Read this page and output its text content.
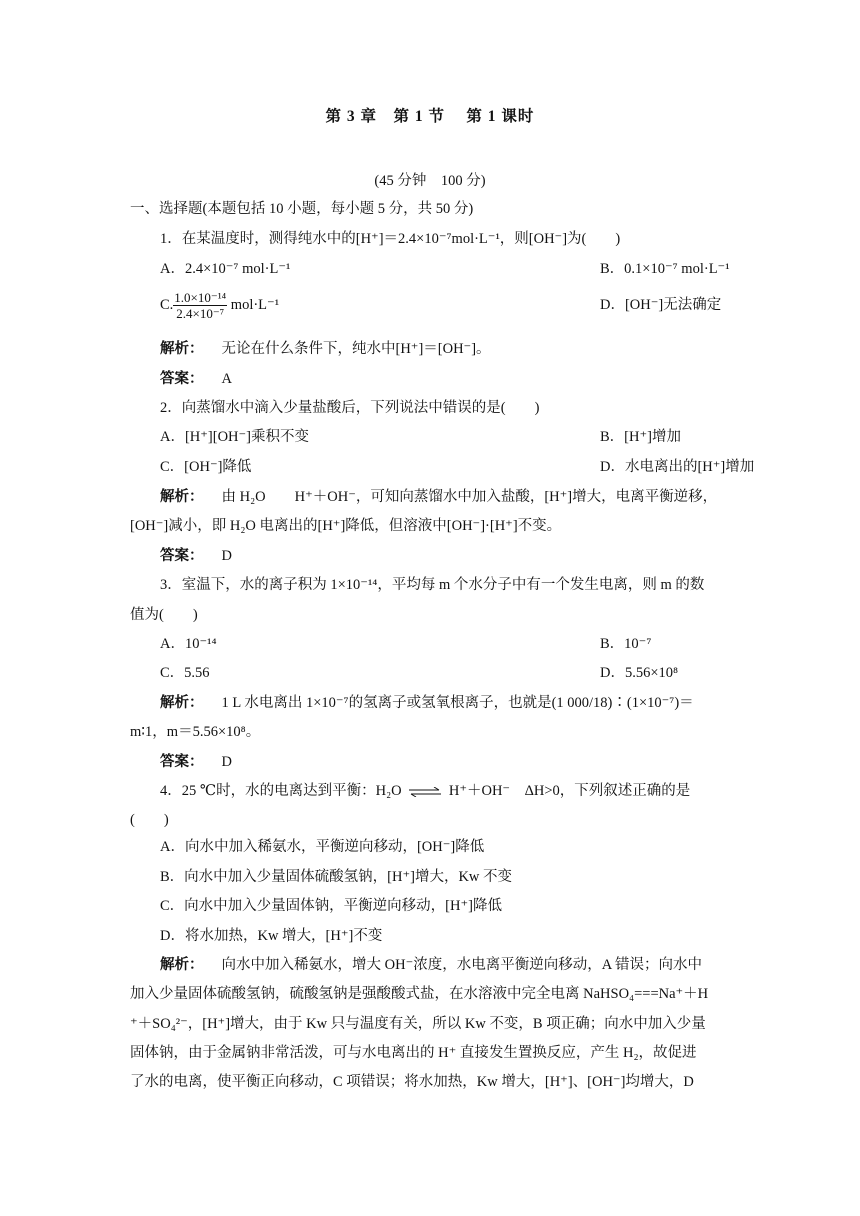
第 3 章　第 1 节　 第 1 课时
(45 分钟　100 分)
一、选择题(本题包括 10 小题，每小题 5 分，共 50 分)
1．在某温度时，测得纯水中的[H⁺]＝2.4×10⁻⁷mol·L⁻¹，则[OH⁻]为(　　)
A．2.4×10⁻⁷ mol·L⁻¹	B．0.1×10⁻⁷ mol·L⁻¹
C. $\frac{\text{1.0×10⁻¹⁴}}{\text{2.4×10⁻⁷}} mol\cdot L^{-1}$	D．[OH⁻]无法确定
解析： 无论在什么条件下，纯水中[H⁺]＝[OH⁻]。
答案： A
2．向蒸馏水中滴入少量盐酸后，下列说法中错误的是(　　)
A．[H⁺][OH⁻]乘积不变	B．[H⁺]增加
C．[OH⁻]降低	D．水电离出的[H⁺]增加
解析： 由 H₂O　　H⁺＋OH⁻，可知向蒸馏水中加入盐酸，[H⁺]增大，电离平衡逆移，
[OH⁻]减小，即 H₂O 电离出的[H⁺]降低，但溶液中[OH⁻]·[H⁺]不变。
答案： D
3．室温下，水的离子积为 1×10⁻¹⁴，平均每 m 个水分子中有一个发生电离，则 m 的数
值为(　　)
A．10⁻¹⁴	B．10⁻⁷
C．5.56	D．5.56×10⁸
解析： 1 L 水电离出 1×10⁻⁷的氢离子或氢氧根离子，也就是(1 000/18)∶(1×10⁻⁷)＝
m∶1，m＝5.56×10⁸。
答案： D
4．25 ℃时，水的电离达到平衡：H₂O ⇌ H⁺＋OH⁻　ΔH>0，下列叙述正确的是
(　　)
A．向水中加入稀氨水，平衡逆向移动，[OH⁻]降低
B．向水中加入少量固体硫酸氢钠，[H⁺]增大，Kw 不变
C．向水中加入少量固体钠，平衡逆向移动，[H⁺]降低
D．将水加热，Kw 增大，[H⁺]不变
解析： 向水中加入稀氨水，增大 OH⁻浓度，水电离平衡逆向移动，A 错误；向水中
加入少量固体硫酸氢钠，硫酸氢钠是强酸酸式盐，在水溶液中完全电离 NaHSO₄===Na⁺＋H
⁺＋SO₄²⁻，[H⁺]增大，由于 Kw 只与温度有关，所以 Kw 不变，B 项正确；向水中加入少量
固体钠，由于金属钠非常活泼，可与水电离出的 H⁺ 直接发生置换反应，产生 H₂，故促进
了水的电离，使平衡正向移动，C 项错误；将水加热，Kw 增大，[H⁺]、[OH⁻]均增大，D
